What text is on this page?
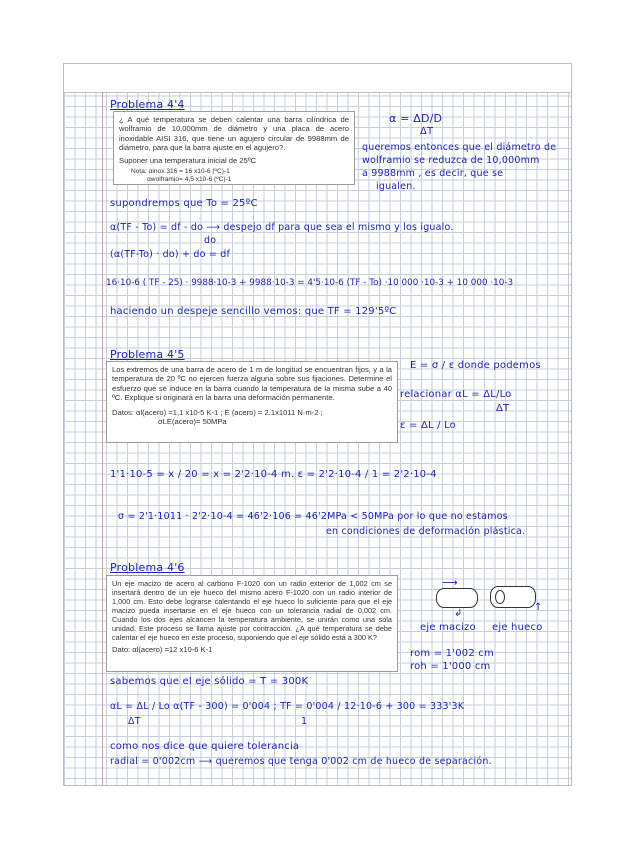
Problema 4'4

¿ A qué temperatura se deben calentar una barra cilíndrica de wolframio de 10.000mm de diámetro y una placa de acero inoxidable AISI 316, que tiene un agujero circular de 9988mm de diámetro, para que la barra ajuste en el agujero?.

Suponer una temperatura inicial de 25ºC

Nota: αinox 316 = 16 x10-6 (ºC)-1

αwolframio= 4,5 x10-6 (ºC)-1

α = ΔD/D
ΔT
queremos entonces que el diámetro de
wolframio se reduzca de 10,000mm
a 9988mm , es decir, que se
igualen.
supondremos que To = 25ºC
α(TF - To) = df - do ⟶ despejo df para que sea el mismo y los igualo.
do
(α(TF-To) · do) + do = df
16·10-6 ( TF - 25) · 9988·10-3 + 9988·10-3 = 4'5·10-6 (TF - To) ·10 000 ·10-3 + 10 000 ·10-3
haciendo un despeje sencillo vemos: que TF = 129'5ºC
Problema 4'5

Los extremos de una barra de acero de 1 m de longitud se encuentran fijos, y a la temperatura de 20 ºC no ejercen fuerza alguna sobre sus fijaciones. Determine el esfuerzo que se induce en la barra cuando la temperatura de la misma sube a 40 ºC. Explique si originará en la barra una deformación permanente.

Datos: αl(acero) =1,1 x10-5 K-1 ; E (acero) = 2.1x1011 N·m-2 ;

σLE(acero)= 50MPa

E = σ / ε donde podemos
relacionar αL = ΔL/Lo
ΔT
ε = ΔL / Lo
1'1·10-5 = x / 20 = x = 2'2·10-4 m. ε = 2'2·10-4 / 1 = 2'2·10-4
σ = 2'1·1011 · 2'2·10-4 = 46'2·106 = 46'2MPa < 50MPa por lo que no estamos
en condiciones de deformación plástica.
Problema 4'6

Un eje macizo de acero al carbono F-1020 con un radio exterior de 1,002 cm se insertará dentro de un eje hueco del mismo acero F-1020 con un radio interior de 1,000 cm. Esto debe lograrse calentando el eje hueco lo suficiente para que el eje macizo pueda insertarse en el eje hueco con un tolerancia radial de 0,002 cm. Cuando los dos ejes alcancen la temperatura ambiente, se unirán como una sola unidad. Este proceso se llama ajuste por contracción. ¿A qué temperatura se debe calentar el eje hueco en este proceso, suponiendo que el eje sólido está a 300 K?

Dato: αl(acero) =12 x10-6 K-1

⟶
↲
↑
eje macizo eje hueco
rom = 1'002 cm
roh = 1'000 cm
sabemos que el eje sólido = T = 300K
αL = ΔL / Lo α(TF - 300) = 0'004 ; TF = 0'004 / 12·10-6 + 300 = 333'3K
ΔT	1
como nos dice que quiere tolerancia
radial = 0'002cm ⟶ queremos que tenga 0'002 cm de hueco de separación.
